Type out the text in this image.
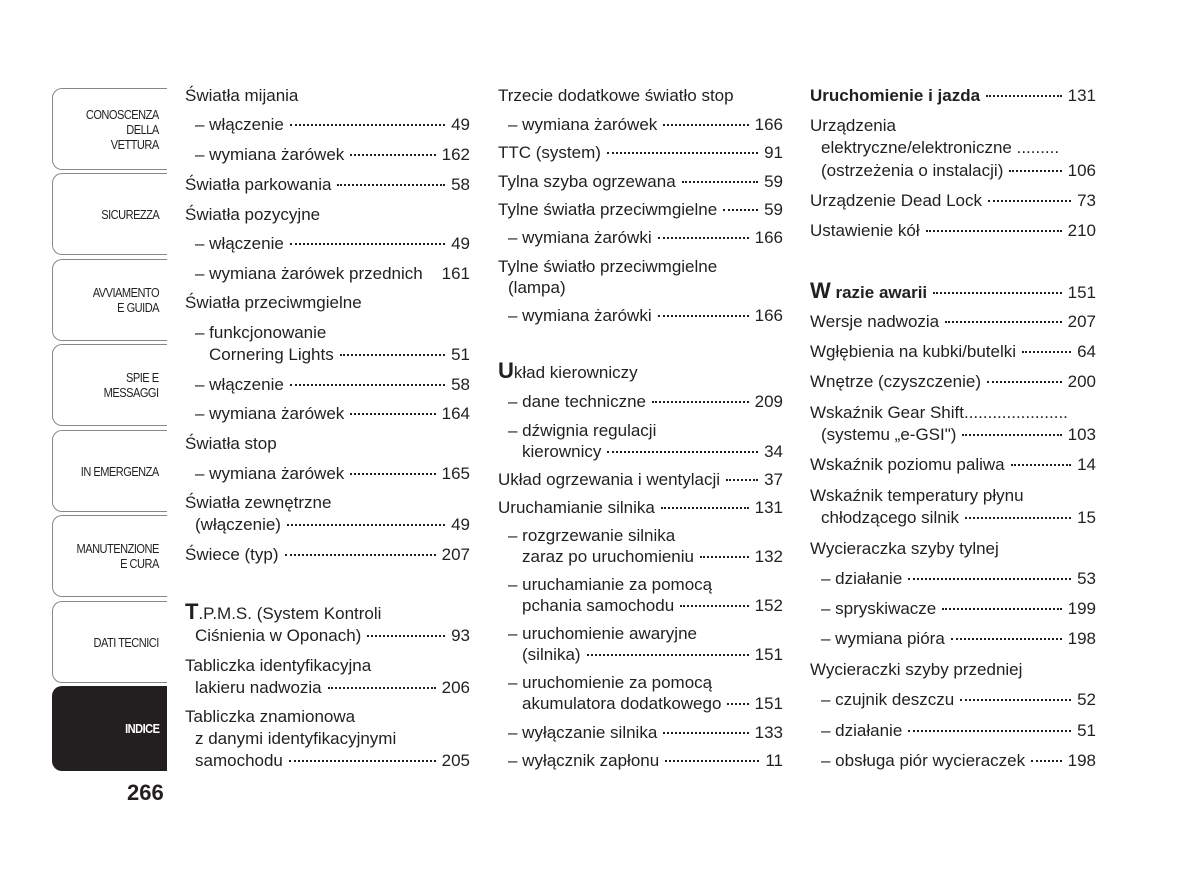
CONOSCENZA
DELLA
VETTURA
SICUREZZA
AVVIAMENTO
E GUIDA
SPIE E
MESSAGGI
IN EMERGENZA
MANUTENZIONE
E CURA
DATI TECNICI
INDICE
266
Światła mijania
– włączenie	49
– wymiana żarówek	162
Światła parkowania	58
Światła pozycyjne
– włączenie	49
– wymiana żarówek przednich 161
Światła przeciwmgielne
– funkcjonowanie
Cornering Lights	51
– włączenie	58
– wymiana żarówek	164
Światła stop
– wymiana żarówek	165
Światła zewnętrzne
(włączenie)	49
Świece (typ)	207
T.P.M.S. (System Kontroli
Ciśnienia w Oponach)	93
Tabliczka identyfikacyjna
lakieru nadwozia	206
Tabliczka znamionowa
z danymi identyfikacyjnymi
samochodu	205
Trzecie dodatkowe światło stop
– wymiana żarówek	166
TTC (system)	91
Tylna szyba ogrzewana	59
Tylne światła przeciwmgielne	59
– wymiana żarówki	166
Tylne światło przeciwmgielne
(lampa)
– wymiana żarówki	166
Układ kierowniczy
– dane techniczne	209
– dźwignia regulacji
kierownicy	34
Układ ogrzewania i wentylacji	37
Uruchamianie silnika	131
– rozgrzewanie silnika
zaraz po uruchomieniu	132
– uruchamianie za pomocą
pchania samochodu	152
– uruchomienie awaryjne
(silnika)	151
– uruchomienie za pomocą
akumulatora dodatkowego 151
– wyłączanie silnika	133
– wyłącznik zapłonu	11
Uruchomienie i jazda	131
Urządzenia
elektryczne/elektroniczne .........
(ostrzeżenia o instalacji)	106
Urządzenie Dead Lock	73
Ustawienie kół	210
W razie awarii	151
Wersje nadwozia	207
Wgłębienia na kubki/butelki	64
Wnętrze (czyszczenie)	200
Wskaźnik Gear Shift......................
(systemu „e-GSI")	103
Wskaźnik poziomu paliwa	14
Wskaźnik temperatury płynu
chłodzącego silnik	15
Wycieraczka szyby tylnej
– działanie	53
– spryskiwacze	199
– wymiana pióra	198
Wycieraczki szyby przedniej
– czujnik deszczu	52
– działanie	51
– obsługa piór wycieraczek	198
